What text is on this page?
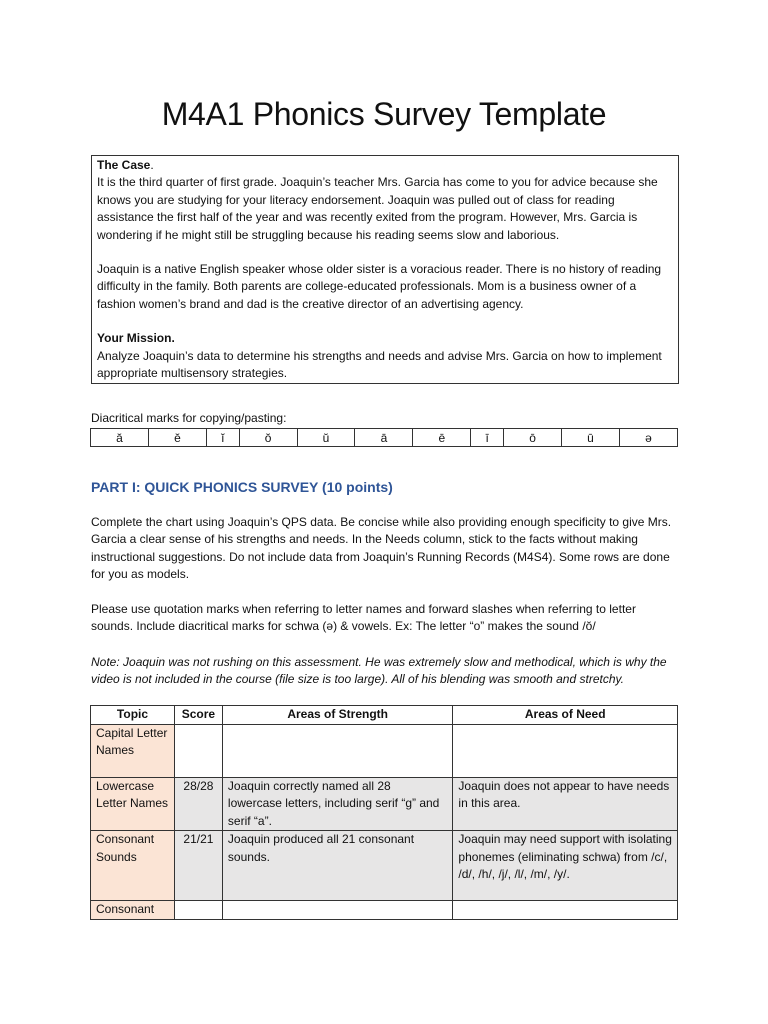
M4A1 Phonics Survey Template

The Case.

It is the third quarter of first grade. Joaquin’s teacher Mrs. Garcia has come to you for advice because she knows you are studying for your literacy endorsement. Joaquin was pulled out of class for reading assistance the first half of the year and was recently exited from the program. However, Mrs. Garcia is wondering if he might still be struggling because his reading seems slow and laborious.

Joaquin is a native English speaker whose older sister is a voracious reader. There is no history of reading difficulty in the family. Both parents are college-educated professionals. Mom is a business owner of a fashion women’s brand and dad is the creative director of an advertising agency.

Your Mission.

Analyze Joaquin’s data to determine his strengths and needs and advise Mrs. Garcia on how to implement appropriate multisensory strategies.

Diacritical marks for copying/pasting:
ă	ĕ	ĭ	ŏ	ŭ	ā	ē	ī	ō	ū	ə
PART I: QUICK PHONICS SURVEY (10 points)

Complete the chart using Joaquin’s QPS data. Be concise while also providing enough specificity to give Mrs. Garcia a clear sense of his strengths and needs. In the Needs column, stick to the facts without making instructional suggestions. Do not include data from Joaquin’s Running Records (M4S4). Some rows are done for you as models.

Please use quotation marks when referring to letter names and forward slashes when referring to letter sounds. Include diacritical marks for schwa (ə) & vowels. Ex: The letter “o” makes the sound /ŏ/

Note: Joaquin was not rushing on this assessment. He was extremely slow and methodical, which is why the video is not included in the course (file size is too large). All of his blending was smooth and stretchy.

Topic	Score	Areas of Strength	Areas of Need
Capital Letter Names			
Lowercase Letter Names	28/28	Joaquin correctly named all 28 lowercase letters, including serif “g” and serif “a”.	Joaquin does not appear to have needs in this area.
Consonant Sounds	21/21	Joaquin produced all 21 consonant sounds.	Joaquin may need support with isolating phonemes (eliminating schwa) from /c/, /d/, /h/, /j/, /l/, /m/, /y/.
Consonant			
